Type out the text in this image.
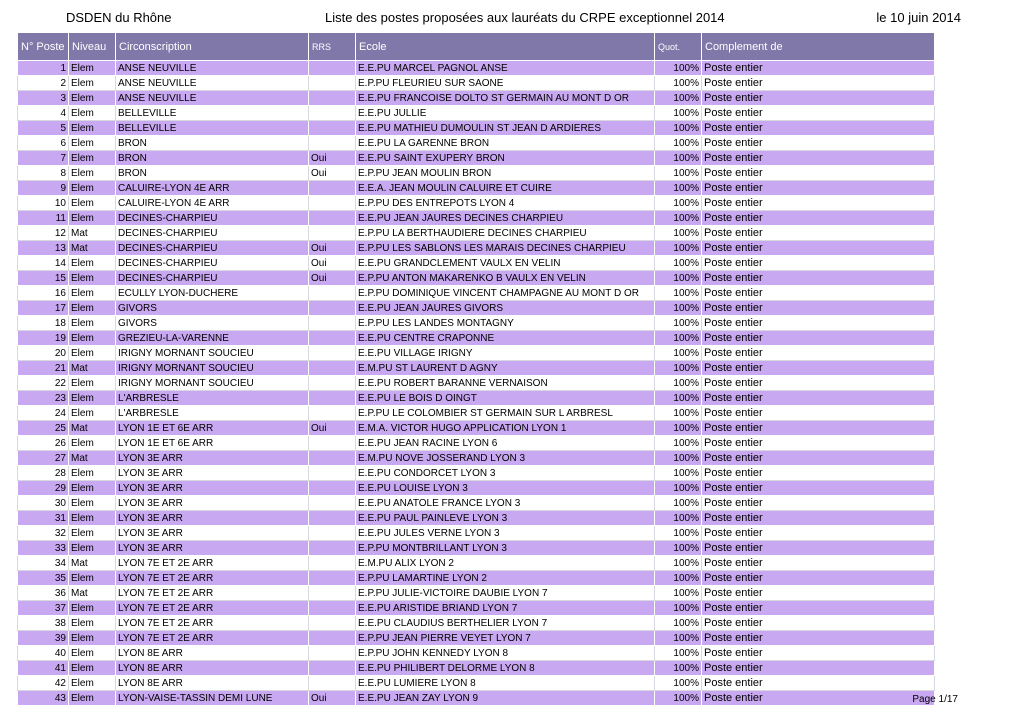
DSDEN du Rhône	Liste des postes proposées aux lauréats du CRPE exceptionnel 2014	le 10 juin 2014
N° Poste	Niveau	Circonscription	RRS	Ecole	Quot.	Complement de
1	Elem	ANSE NEUVILLE		E.E.PU MARCEL PAGNOL ANSE	100%	Poste entier
2	Elem	ANSE NEUVILLE		E.P.PU FLEURIEU SUR SAONE	100%	Poste entier
3	Elem	ANSE NEUVILLE		E.E.PU FRANCOISE DOLTO ST GERMAIN AU MONT D OR	100%	Poste entier
4	Elem	BELLEVILLE		E.E.PU JULLIE	100%	Poste entier
5	Elem	BELLEVILLE		E.E.PU MATHIEU DUMOULIN ST JEAN D ARDIERES	100%	Poste entier
6	Elem	BRON		E.E.PU LA GARENNE BRON	100%	Poste entier
7	Elem	BRON	Oui	E.E.PU SAINT EXUPERY BRON	100%	Poste entier
8	Elem	BRON	Oui	E.P.PU JEAN MOULIN BRON	100%	Poste entier
9	Elem	CALUIRE-LYON 4E ARR		E.E.A. JEAN MOULIN CALUIRE ET CUIRE	100%	Poste entier
10	Elem	CALUIRE-LYON 4E ARR		E.P.PU DES ENTREPOTS LYON 4	100%	Poste entier
11	Elem	DECINES-CHARPIEU		E.E.PU JEAN JAURES DECINES CHARPIEU	100%	Poste entier
12	Mat	DECINES-CHARPIEU		E.P.PU LA BERTHAUDIERE DECINES CHARPIEU	100%	Poste entier
13	Mat	DECINES-CHARPIEU	Oui	E.P.PU LES SABLONS LES MARAIS DECINES CHARPIEU	100%	Poste entier
14	Elem	DECINES-CHARPIEU	Oui	E.E.PU GRANDCLEMENT VAULX EN VELIN	100%	Poste entier
15	Elem	DECINES-CHARPIEU	Oui	E.P.PU ANTON MAKARENKO B VAULX EN VELIN	100%	Poste entier
16	Elem	ECULLY LYON-DUCHERE		E.P.PU DOMINIQUE VINCENT CHAMPAGNE AU MONT D OR	100%	Poste entier
17	Elem	GIVORS		E.E.PU JEAN JAURES GIVORS	100%	Poste entier
18	Elem	GIVORS		E.P.PU LES LANDES MONTAGNY	100%	Poste entier
19	Elem	GREZIEU-LA-VARENNE		E.E.PU CENTRE CRAPONNE	100%	Poste entier
20	Elem	IRIGNY MORNANT SOUCIEU		E.E.PU VILLAGE IRIGNY	100%	Poste entier
21	Mat	IRIGNY MORNANT SOUCIEU		E.M.PU ST LAURENT D AGNY	100%	Poste entier
22	Elem	IRIGNY MORNANT SOUCIEU		E.E.PU ROBERT BARANNE VERNAISON	100%	Poste entier
23	Elem	L'ARBRESLE		E.E.PU LE BOIS D OINGT	100%	Poste entier
24	Elem	L'ARBRESLE		E.P.PU LE COLOMBIER ST GERMAIN SUR L ARBRESL	100%	Poste entier
25	Mat	LYON 1E ET 6E ARR	Oui	E.M.A. VICTOR HUGO APPLICATION LYON 1	100%	Poste entier
26	Elem	LYON 1E ET 6E ARR		E.E.PU JEAN RACINE LYON 6	100%	Poste entier
27	Mat	LYON 3E ARR		E.M.PU NOVE JOSSERAND LYON 3	100%	Poste entier
28	Elem	LYON 3E ARR		E.E.PU CONDORCET LYON 3	100%	Poste entier
29	Elem	LYON 3E ARR		E.E.PU LOUISE LYON 3	100%	Poste entier
30	Elem	LYON 3E ARR		E.E.PU ANATOLE FRANCE LYON 3	100%	Poste entier
31	Elem	LYON 3E ARR		E.E.PU PAUL PAINLEVE LYON 3	100%	Poste entier
32	Elem	LYON 3E ARR		E.E.PU JULES VERNE LYON 3	100%	Poste entier
33	Elem	LYON 3E ARR		E.P.PU MONTBRILLANT LYON 3	100%	Poste entier
34	Mat	LYON 7E ET 2E ARR		E.M.PU ALIX LYON 2	100%	Poste entier
35	Elem	LYON 7E ET 2E ARR		E.P.PU LAMARTINE LYON 2	100%	Poste entier
36	Mat	LYON 7E ET 2E ARR		E.P.PU JULIE-VICTOIRE DAUBIE LYON 7	100%	Poste entier
37	Elem	LYON 7E ET 2E ARR		E.E.PU ARISTIDE BRIAND LYON 7	100%	Poste entier
38	Elem	LYON 7E ET 2E ARR		E.E.PU CLAUDIUS BERTHELIER LYON 7	100%	Poste entier
39	Elem	LYON 7E ET 2E ARR		E.P.PU JEAN PIERRE VEYET LYON 7	100%	Poste entier
40	Elem	LYON 8E ARR		E.P.PU JOHN KENNEDY LYON 8	100%	Poste entier
41	Elem	LYON 8E ARR		E.E.PU PHILIBERT DELORME LYON 8	100%	Poste entier
42	Elem	LYON 8E ARR		E.E.PU LUMIERE LYON 8	100%	Poste entier
43	Elem	LYON-VAISE-TASSIN DEMI LUNE	Oui	E.E.PU JEAN ZAY LYON 9	100%	Poste entier	Page 1/17
